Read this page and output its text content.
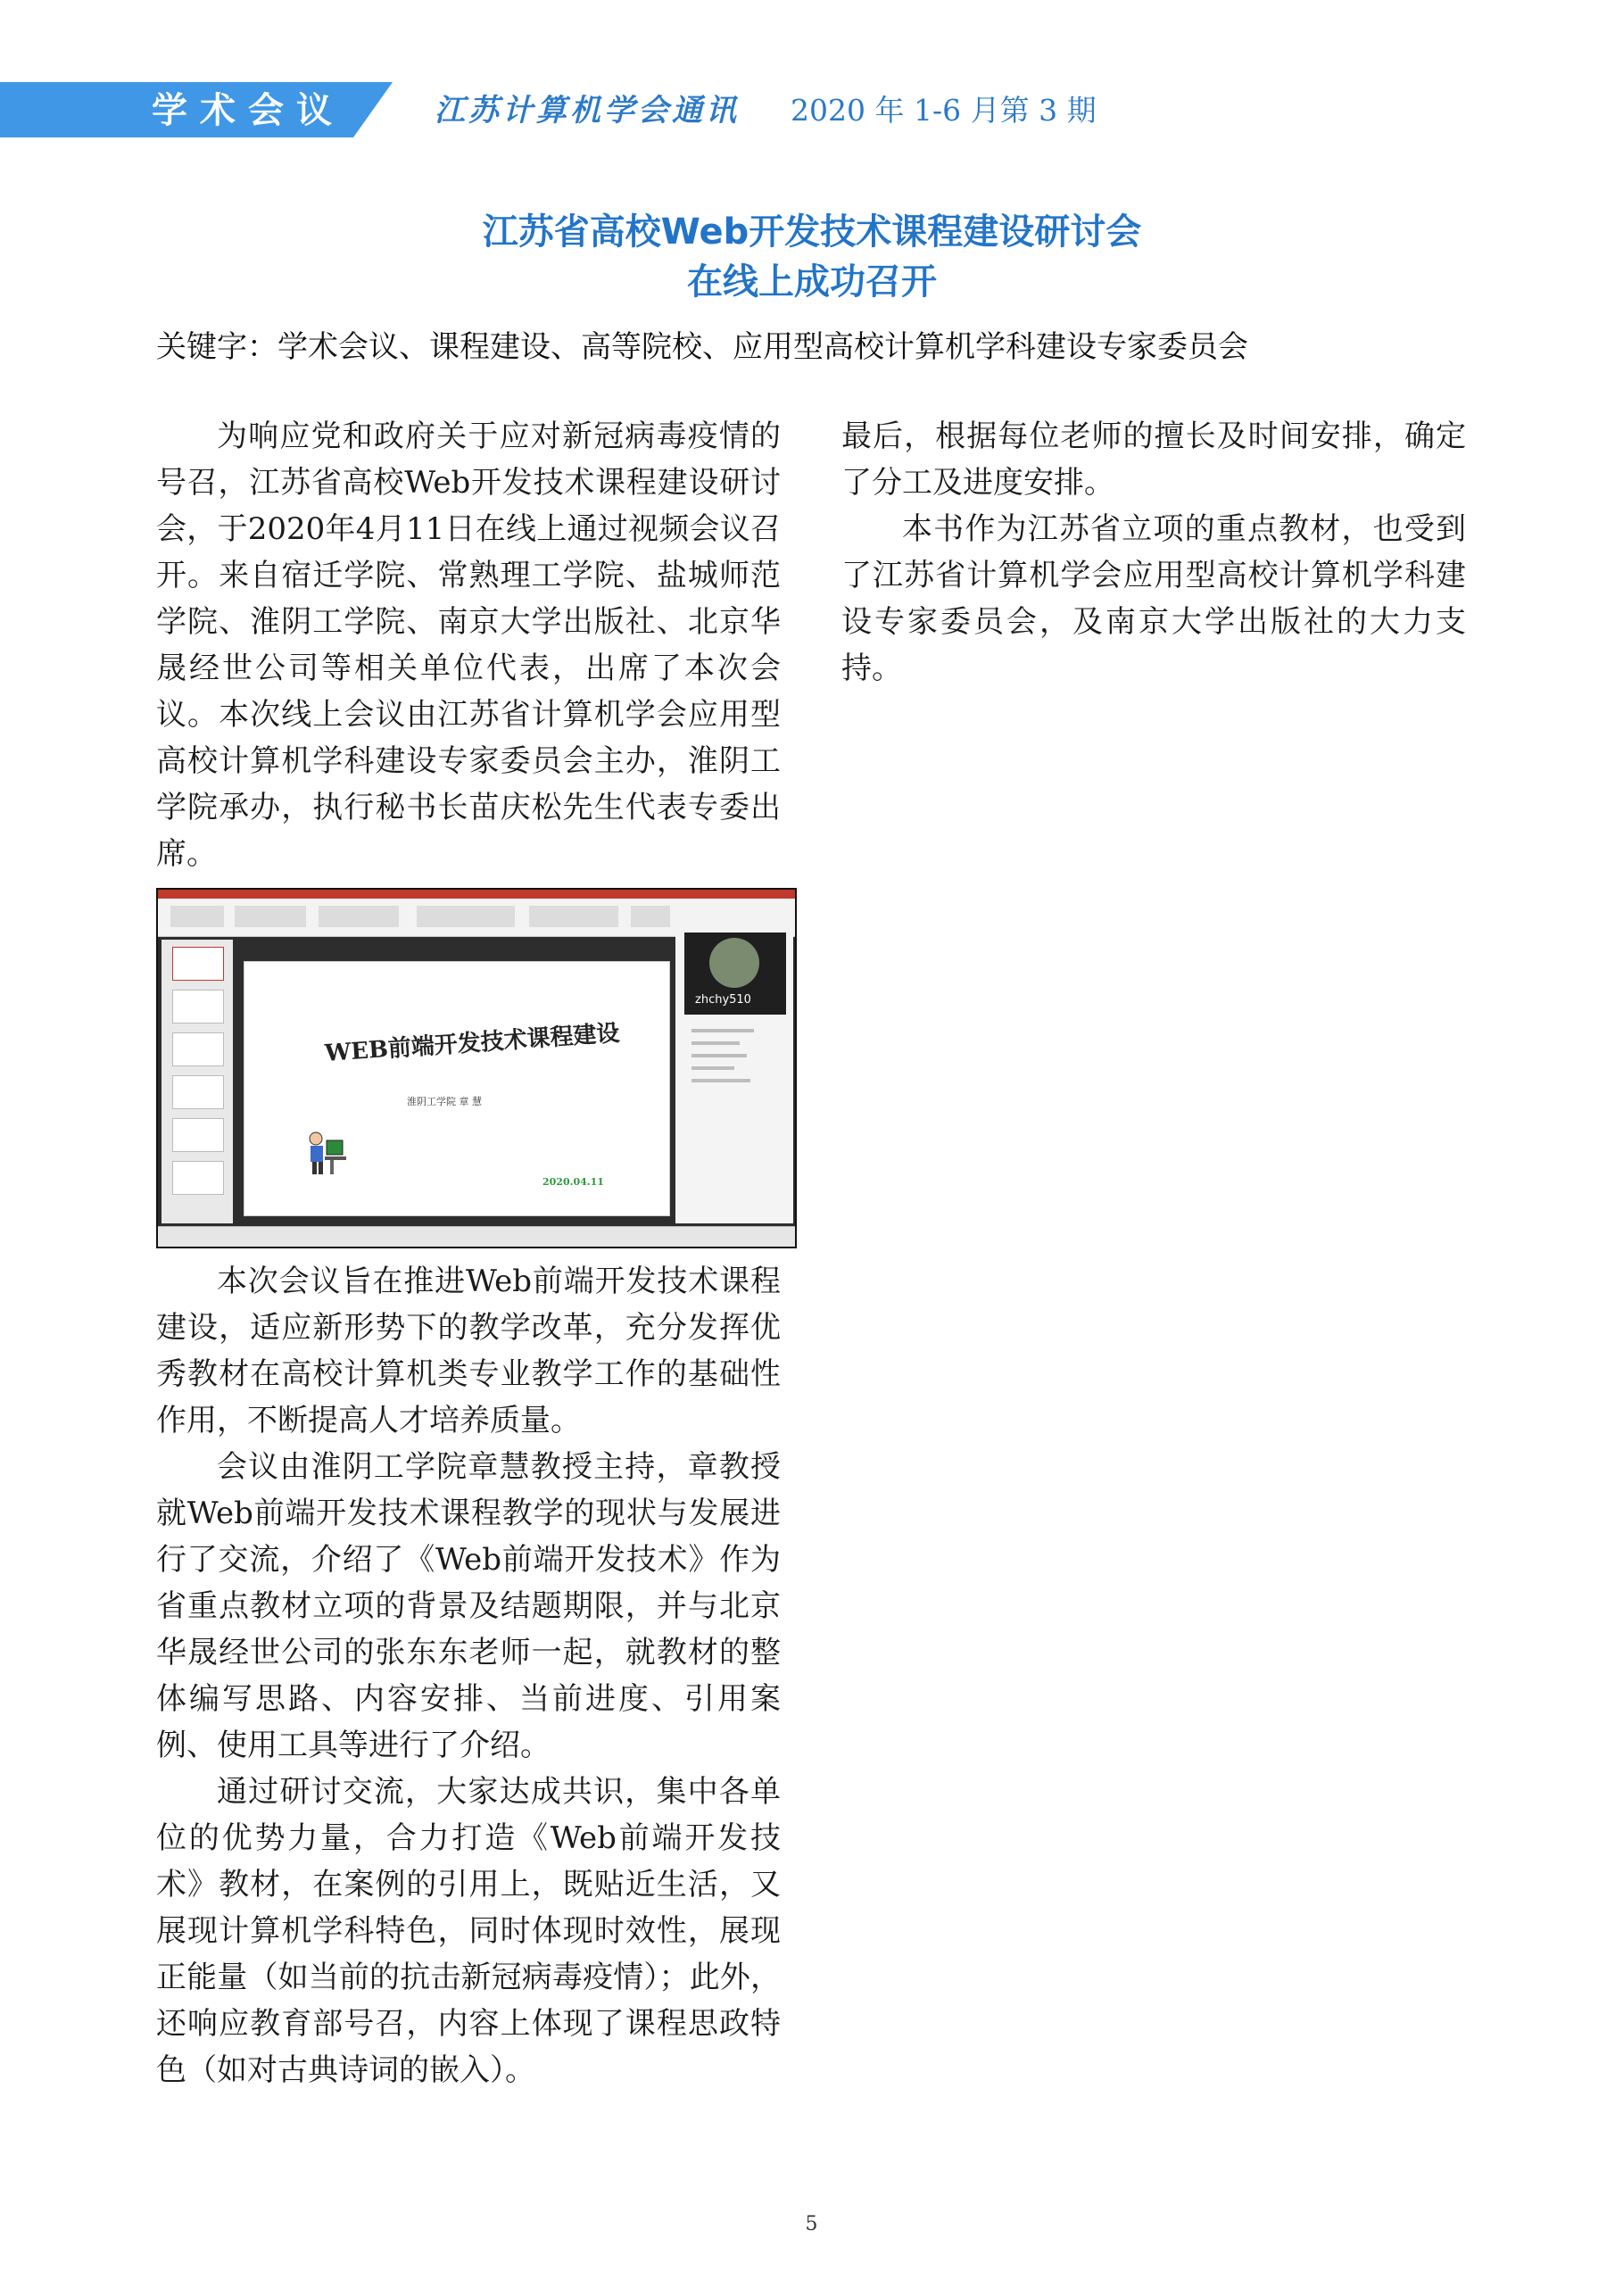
学术会议	江苏计算机学会通讯 2020 年 1-6 月第 3 期
江苏省高校Web开发技术课程建设研讨会
在线上成功召开
关键字：学术会议、课程建设、高等院校、应用型高校计算机学科建设专家委员会

为响应党和政府关于应对新冠病毒疫情的号召，江苏省高校Web开发技术课程建设研讨会，于2020年4月11日在线上通过视频会议召开。来自宿迁学院、常熟理工学院、盐城师范学院、淮阴工学院、南京大学出版社、北京华晟经世公司等相关单位代表，出席了本次会议。本次线上会议由江苏省计算机学会应用型高校计算机学科建设专家委员会主办，淮阴工学院承办，执行秘书长苗庆松先生代表专委出席。

WEB前端开发技术课程建设
淮阴工学院 章 慧
2020.04.11
zhchy510

本次会议旨在推进Web前端开发技术课程建设，适应新形势下的教学改革，充分发挥优秀教材在高校计算机类专业教学工作的基础性作用，不断提高人才培养质量。

会议由淮阴工学院章慧教授主持，章教授就Web前端开发技术课程教学的现状与发展进行了交流，介绍了《Web前端开发技术》作为省重点教材立项的背景及结题期限，并与北京华晟经世公司的张东东老师一起，就教材的整体编写思路、内容安排、当前进度、引用案例、使用工具等进行了介绍。

通过研讨交流，大家达成共识，集中各单位的优势力量，合力打造《Web前端开发技术》教材，在案例的引用上，既贴近生活，又展现计算机学科特色，同时体现时效性，展现正能量（如当前的抗击新冠病毒疫情）；此外，还响应教育部号召，内容上体现了课程思政特色（如对古典诗词的嵌入）。

最后，根据每位老师的擅长及时间安排，确定了分工及进度安排。

本书作为江苏省立项的重点教材，也受到了江苏省计算机学会应用型高校计算机学科建设专家委员会，及南京大学出版社的大力支持。

5
